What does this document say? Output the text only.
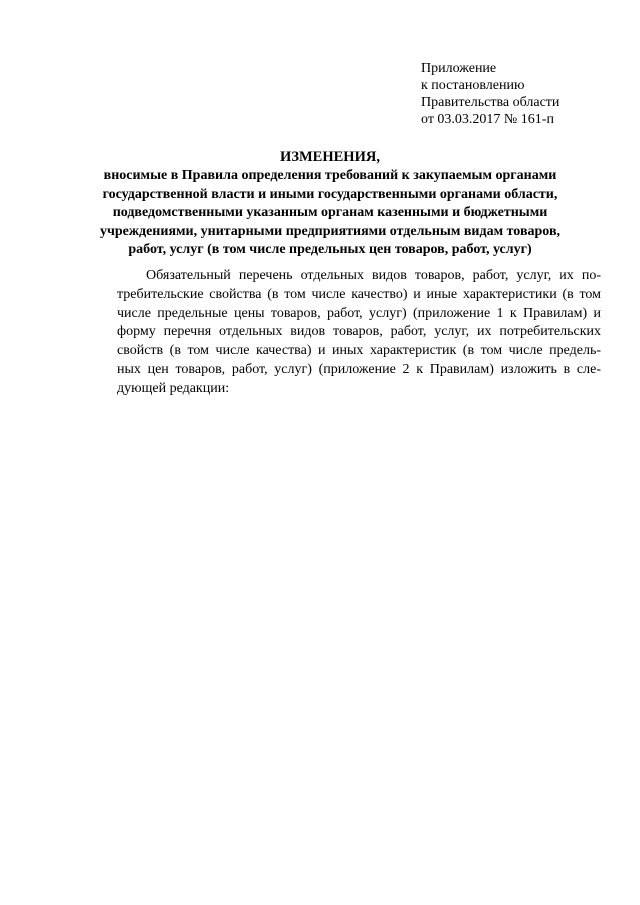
Приложение
к постановлению
Правительства области
от 03.03.2017 № 161-п
ИЗМЕНЕНИЯ,
вносимые в Правила определения требований к закупаемым органами
государственной власти и иными государственными органами области,
подведомственными указанным органам казенными и бюджетными
учреждениями, унитарными предприятиями отдельным видам товаров,
работ, услуг (в том числе предельных цен товаров, работ, услуг)
Обязательный перечень отдельных видов товаров, работ, услуг, их по-
требительские свойства (в том числе качество) и иные характеристики (в том
числе предельные цены товаров, работ, услуг) (приложение 1 к Правилам) и
форму перечня отдельных видов товаров, работ, услуг, их потребительских
свойств (в том числе качества) и иных характеристик (в том числе предель-
ных цен товаров, работ, услуг) (приложение 2 к Правилам) изложить в сле-
дующей редакции:
